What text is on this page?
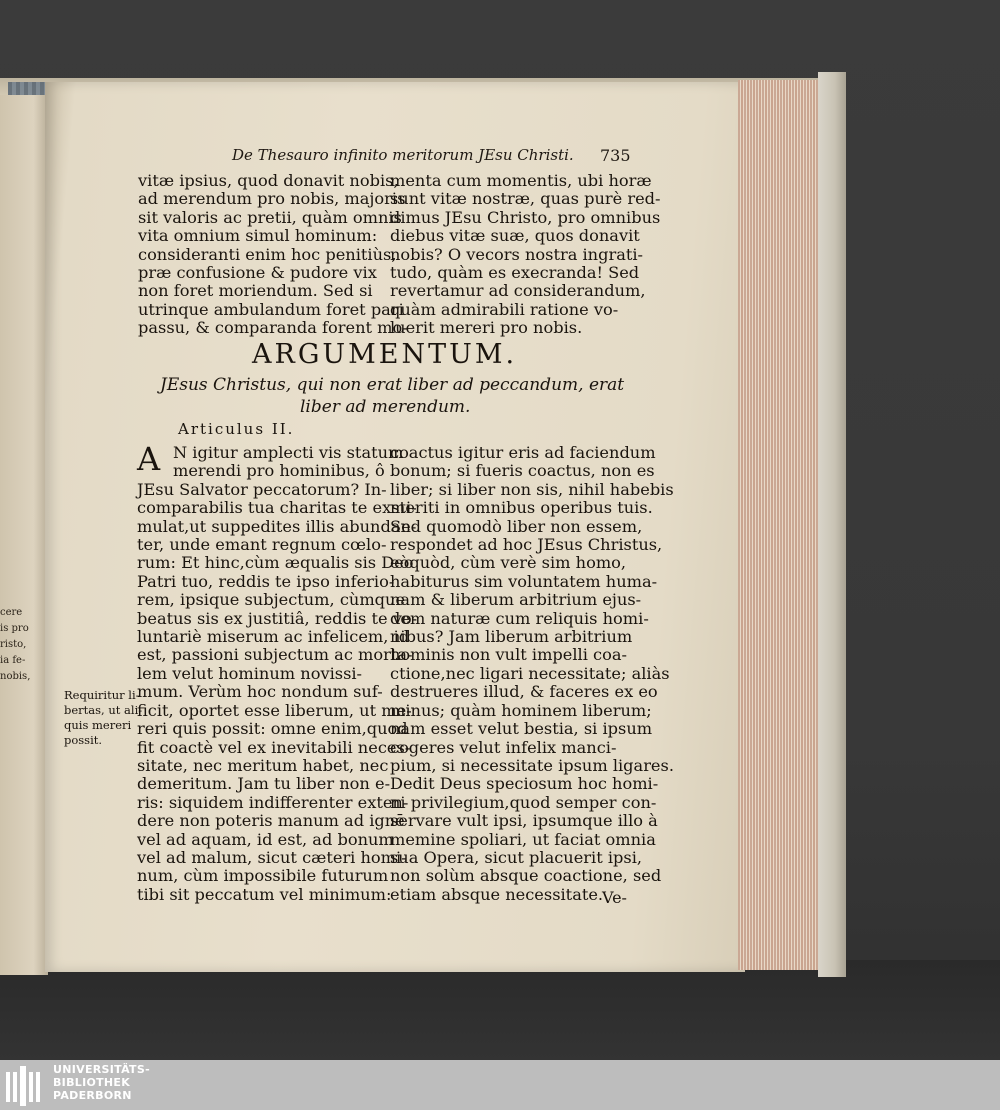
cere
is pro
risto,
ia fe-
nobis,
De Thesauro infinito meritorum JEsu Christi.	735
vitæ ipsius, quod donavit nobis,
ad merendum pro nobis, majoris
sit valoris ac pretii, quàm omnis
vita omnium simul hominum:
consideranti enim hoc penitiùs,
præ confusione & pudore vix
non foret moriendum. Sed si
utrinque ambulandum foret pari
passu, & comparanda forent mo-
menta cum momentis, ubi horæ
sunt vitæ nostræ, quas purè red-
dimus JEsu Christo, pro omnibus
diebus vitæ suæ, quos donavit
nobis? O vecors nostra ingrati-
tudo, quàm es execranda! Sed
revertamur ad considerandum,
quàm admirabili ratione vo-
luerit mereri pro nobis.
ARGUMENTUM.
JEsus Christus, qui non erat liber ad peccandum, erat
liber ad merendum.
Articulus II.
A N igitur amplecti vis statum
merendi pro hominibus, ô
JEsu Salvator peccatorum? In-
comparabilis tua charitas te exsti-
mulat,ut suppedites illis abundan-
ter, unde emant regnum cœlo-
rum: Et hinc,cùm æqualis sis Deo
Patri tuo, reddis te ipso inferio-
rem, ipsique subjectum, cùmque
beatus sis ex justitiâ, reddis te vo-
luntariè miserum ac infelicem, id
est, passioni subjectum ac morta-
lem velut hominum novissi-
mum. Verùm hoc nondum suf-
ficit, oportet esse liberum, ut me-
reri quis possit: omne enim,quod
fit coactè vel ex inevitabili neces-
sitate, nec meritum habet, nec
demeritum. Jam tu liber non e-
ris: siquidem indifferenter exten-
dere non poteris manum ad ignē
vel ad aquam, id est, ad bonum
vel ad malum, sicut cæteri homi-
num, cùm impossibile futurum
tibi sit peccatum vel minimum:
coactus igitur eris ad faciendum
bonum; si fueris coactus, non es
liber; si liber non sis, nihil habebis
meriti in omnibus operibus tuis.
Sed quomodò liber non essem,
respondet ad hoc JEsus Christus,
eòquòd, cùm verè sim homo,
habiturus sim voluntatem huma-
nam & liberum arbitrium ejus-
dem naturæ cum reliquis homi-
nibus? Jam liberum arbitrium
hominis non vult impelli coa-
ctione,nec ligari necessitate; aliàs
destrueres illud, & faceres ex eo
minus; quàm hominem liberum;
nam esset velut bestia, si ipsum
cogeres velut infelix manci-
pium, si necessitate ipsum ligares.
Dedit Deus speciosum hoc homi-
ni privilegium,quod semper con-
servare vult ipsi, ipsumque illo à
memine spoliari, ut faciat omnia
sua Opera, sicut placuerit ipsi,
non solùm absque coactione, sed
etiam absque necessitate.
Requiritur li-
bertas, ut ali-
quis mereri
possit.
Ve-
UNIVERSITÄTS-
BIBLIOTHEK
PADERBORN
